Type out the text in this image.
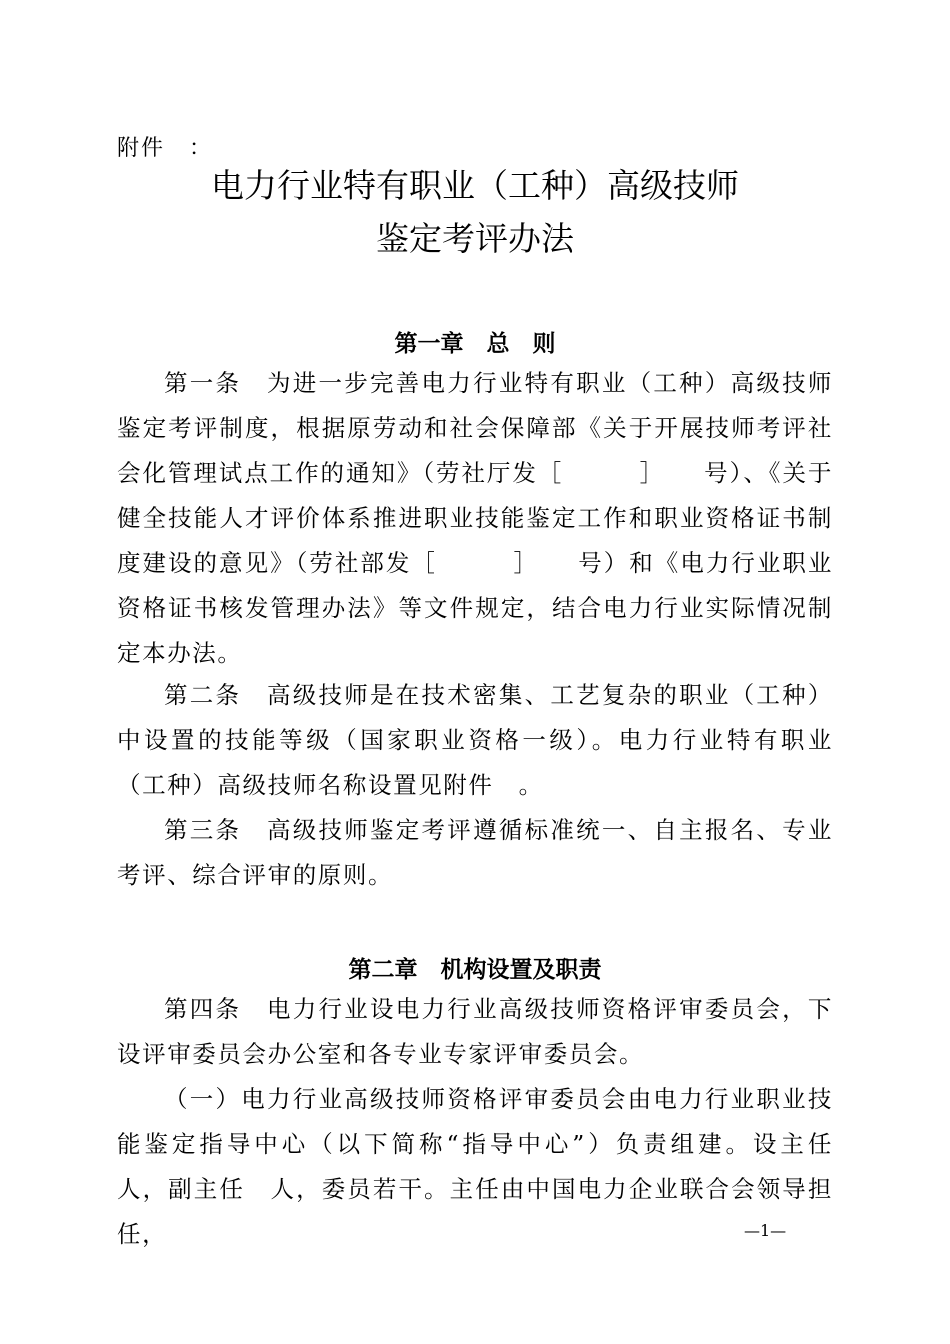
附件　：
电力行业特有职业（工种）高级技师
鉴定考评办法
第一章　总　则
第一条　为进一步完善电力行业特有职业（工种）高级技师鉴定考评制度，根据原劳动和社会保障部《关于开展技师考评社会化管理试点工作的通知》（劳社厅发［　　　］　　号）、《关于健全技能人才评价体系推进职业技能鉴定工作和职业资格证书制度建设的意见》（劳社部发［　　　］　　号）和《电力行业职业资格证书核发管理办法》等文件规定，结合电力行业实际情况制定本办法。
第二条　高级技师是在技术密集、工艺复杂的职业（工种）中设置的技能等级（国家职业资格一级）。电力行业特有职业（工种）高级技师名称设置见附件　。
第三条　高级技师鉴定考评遵循标准统一、自主报名、专业考评、综合评审的原则。
第二章　机构设置及职责
第四条　电力行业设电力行业高级技师资格评审委员会，下设评审委员会办公室和各专业专家评审委员会。
（一）电力行业高级技师资格评审委员会由电力行业职业技能鉴定指导中心（以下简称“指导中心”）负责组建。设主任　人，副主任　人，委员若干。主任由中国电力企业联合会领导担任，	—1—
